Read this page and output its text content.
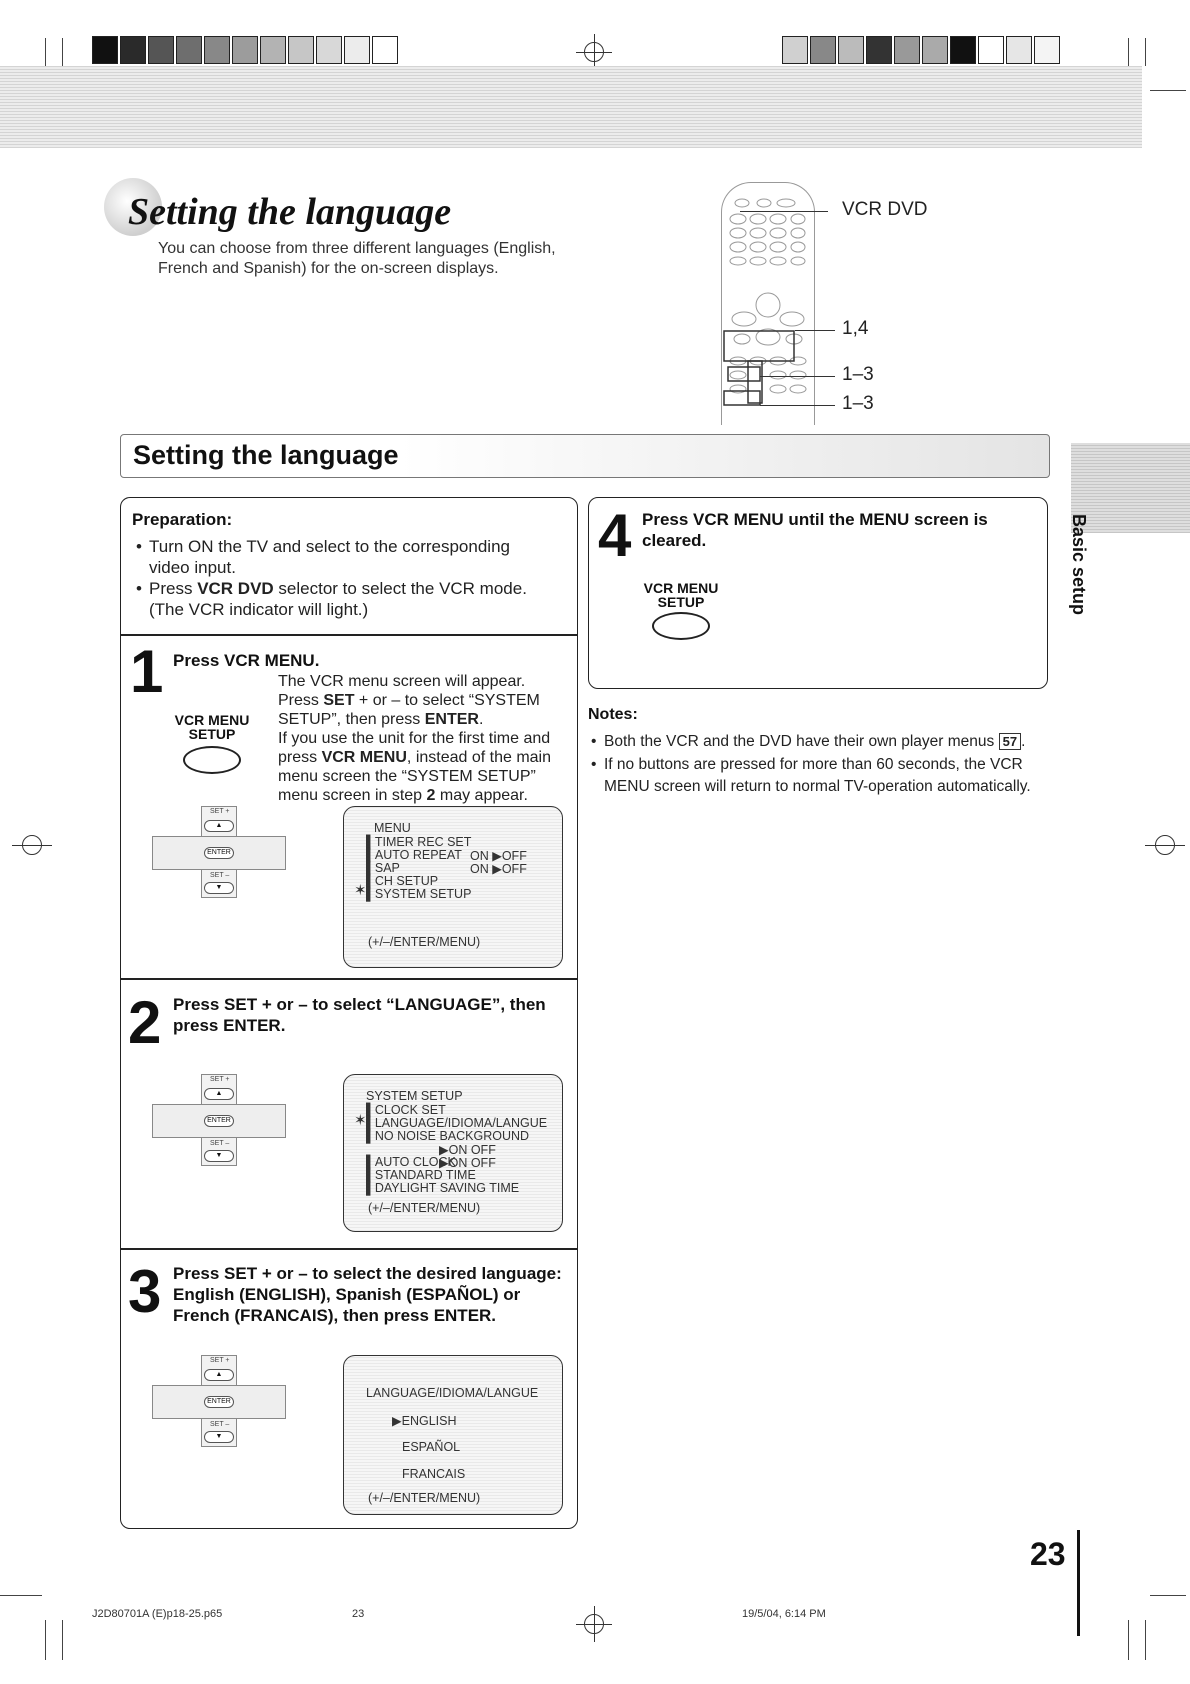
Setting the language
You can choose from three different languages (English,
French and Spanish) for the on-screen displays.
VCR DVD
1,4
1–3
1–3
Setting the language
Basic setup
Preparation:
• Turn ON the TV and select to the corresponding
video input.
• Press VCR DVD selector to select the VCR mode.
(The VCR indicator will light.)
1 Press VCR MENU.
The VCR menu screen will appear.
Press SET + or – to select “SYSTEM
SETUP”, then press ENTER.
If you use the unit for the first time and
press VCR MENU, instead of the main
menu screen the “SYSTEM SETUP”
menu screen in step 2 may appear.
VCR MENU
SETUP
SET +
▲
ENTER
SET –
▼
MENU
▌TIMER REC SET
▌AUTO REPEAT ON ▶OFF
▌SAP	ON ▶OFF
▌CH SETUP
▌SYSTEM SETUP
✶
(+/–/ENTER/MENU)
2 Press SET + or – to select “LANGUAGE”, then
press ENTER.
SET +
▲
ENTER
SET –
▼
SYSTEM SETUP
▌CLOCK SET
▌LANGUAGE/IDIOMA/LANGUE
✶
▌NO NOISE BACKGROUND
▶ON OFF
▌AUTO CLOCK
▶ON OFF
▌STANDARD TIME
▌DAYLIGHT SAVING TIME
(+/–/ENTER/MENU)
3 Press SET + or – to select the desired language:
English (ENGLISH), Spanish (ESPAÑOL) or
French (FRANCAIS), then press ENTER.
SET +
▲
ENTER
SET –
▼
LANGUAGE/IDIOMA/LANGUE
▶ENGLISH
ESPAÑOL
FRANCAIS
(+/–/ENTER/MENU)
4 Press VCR MENU until the MENU screen is
cleared.
VCR MENU
SETUP
Notes:
• Both the VCR and the DVD have their own player menus 57 .
• If no buttons are pressed for more than 60 seconds, the VCR
MENU screen will return to normal TV-operation automatically.
23
J2D80701A (E)p18-25.p65	23	19/5/04, 6:14 PM
